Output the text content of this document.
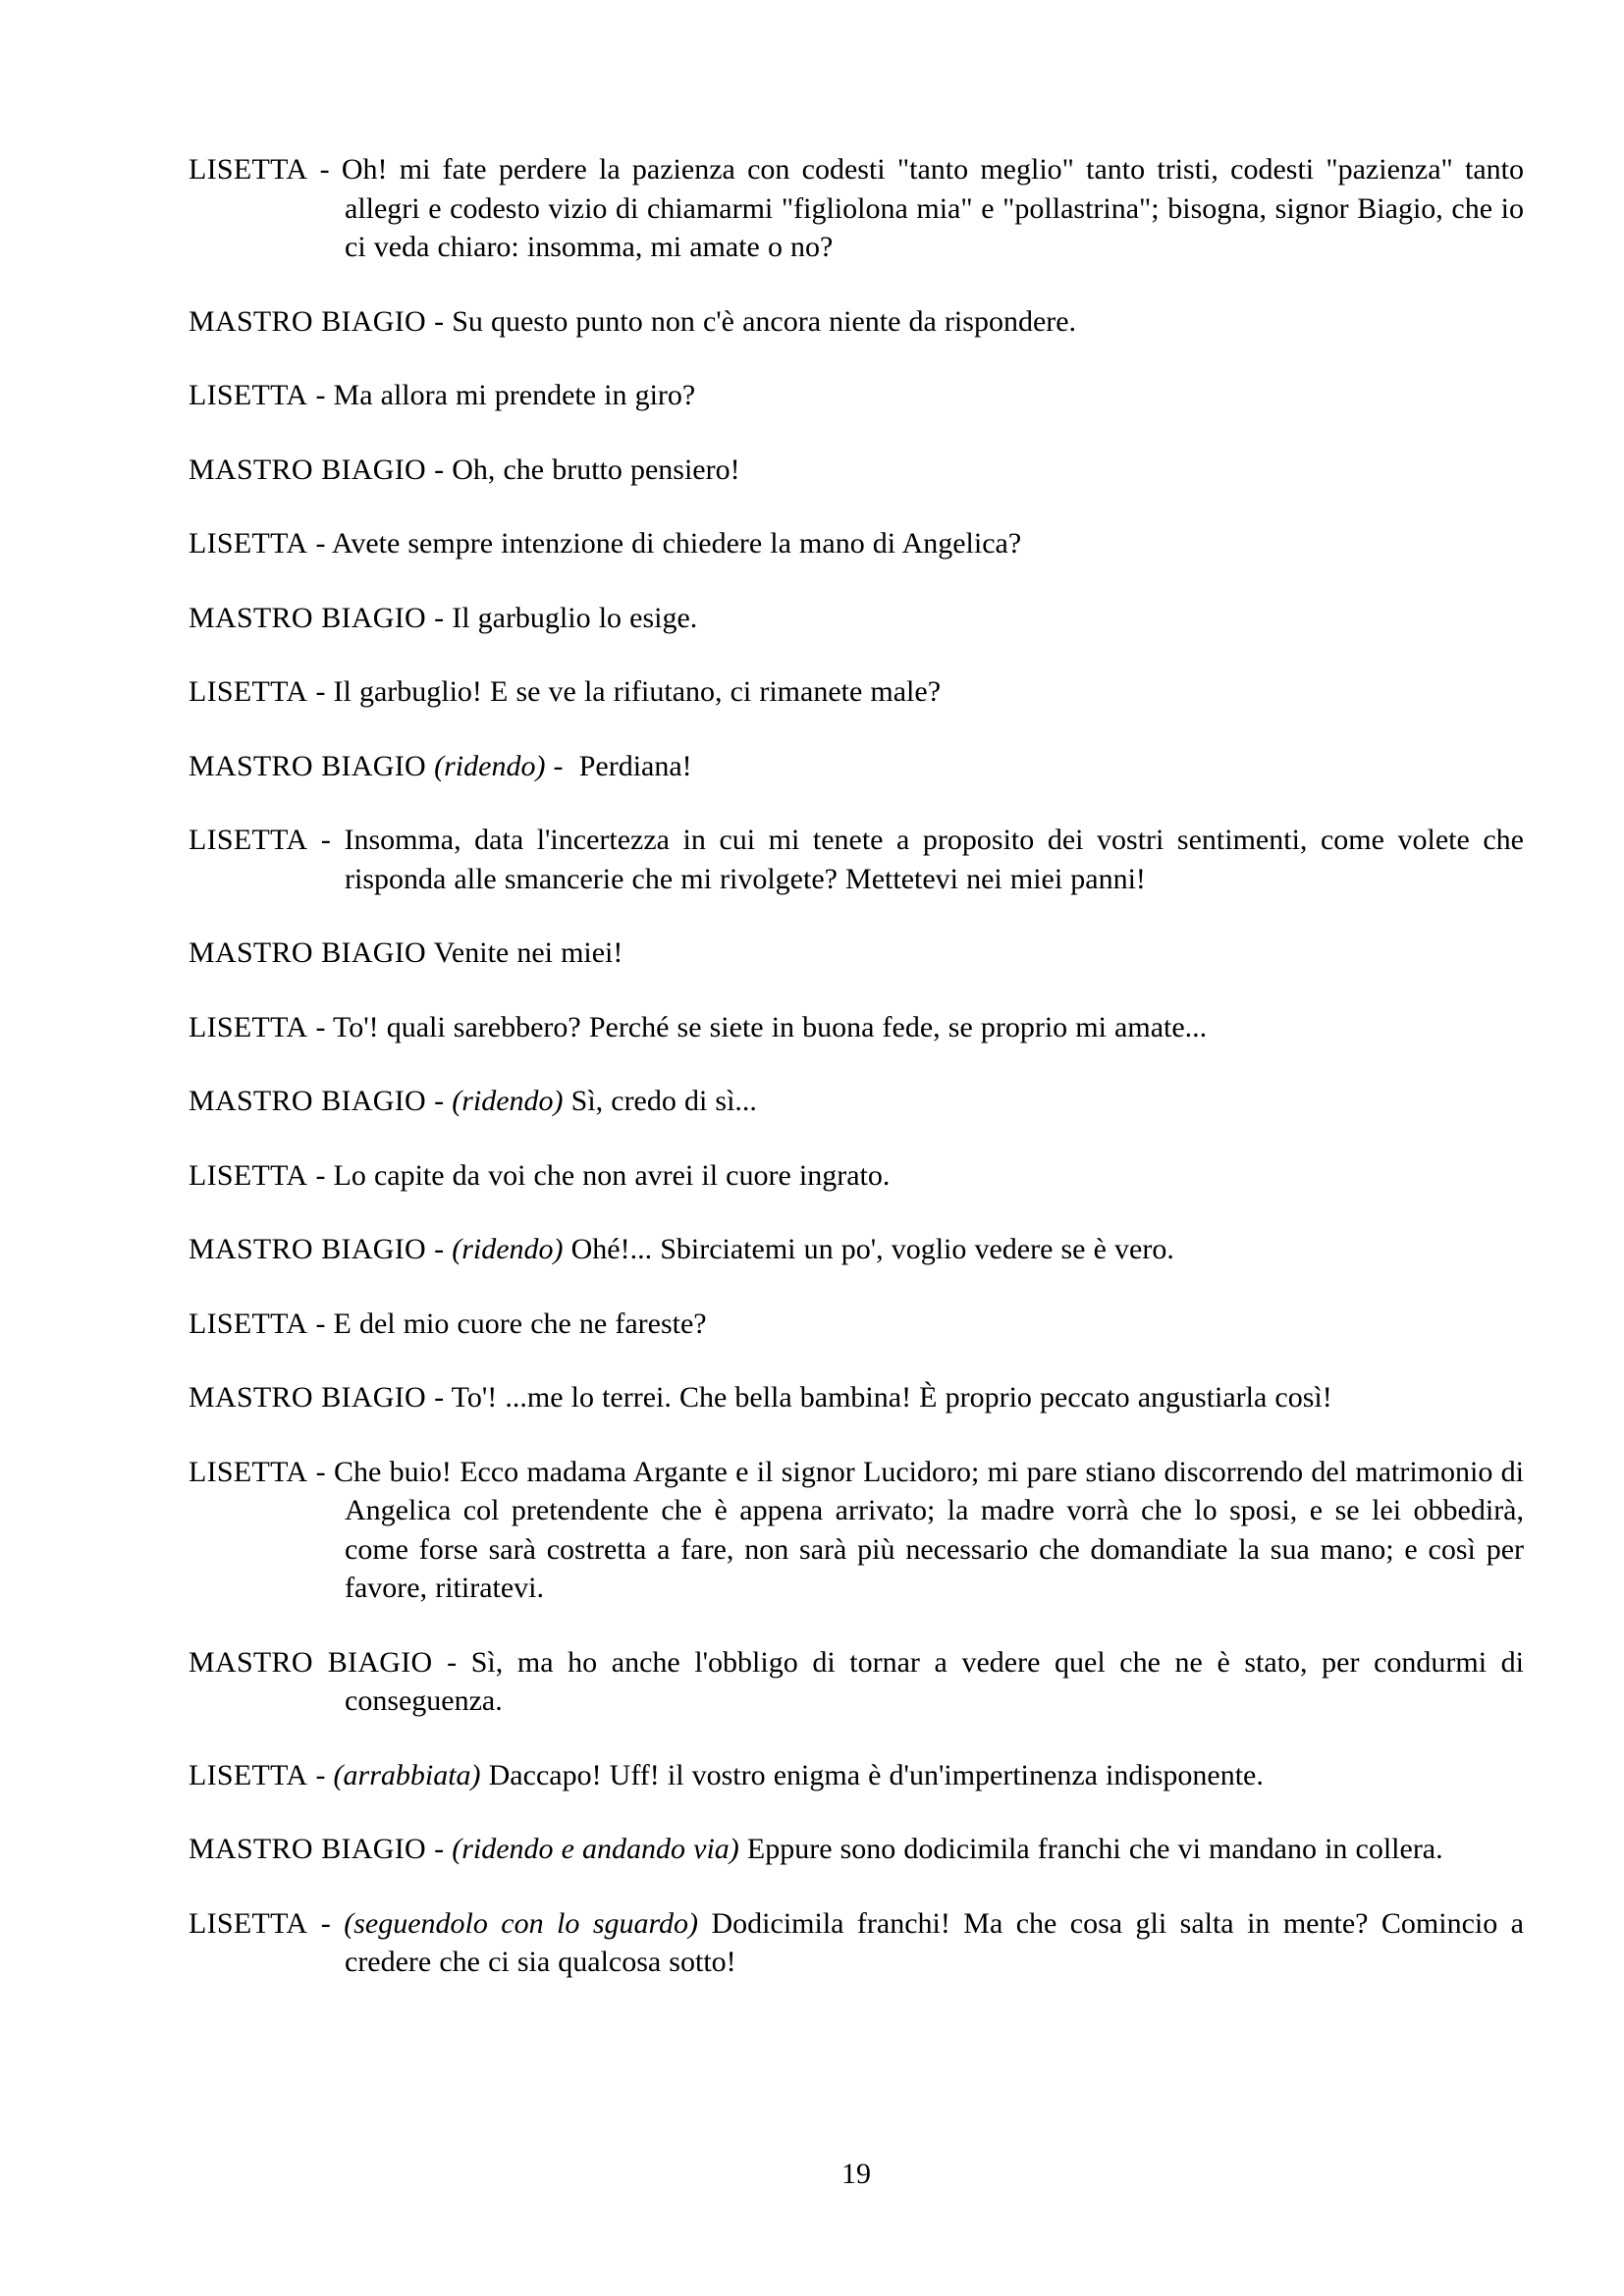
LISETTA - Oh! mi fate perdere la pazienza con codesti "tanto meglio" tanto tristi, codesti "pazienza" tanto allegri e codesto vizio di chiamarmi "figliolona mia" e "pollastrina"; bisogna, signor Biagio, che io ci veda chiaro: insomma, mi amate o no?

MASTRO BIAGIO - Su questo punto non c'è ancora niente da rispondere.

LISETTA - Ma allora mi prendete in giro?

MASTRO BIAGIO - Oh, che brutto pensiero!

LISETTA - Avete sempre intenzione di chiedere la mano di Angelica?

MASTRO BIAGIO - Il garbuglio lo esige.

LISETTA - Il garbuglio! E se ve la rifiutano, ci rimanete male?

MASTRO BIAGIO (ridendo) -  Perdiana!

LISETTA - Insomma, data l'incertezza in cui mi tenete a proposito dei vostri sentimenti, come volete che risponda alle smancerie che mi rivolgete? Mettetevi nei miei panni!

MASTRO BIAGIO Venite nei miei!

LISETTA - To'! quali sarebbero? Perché se siete in buona fede, se proprio mi amate...

MASTRO BIAGIO - (ridendo) Sì, credo di sì...

LISETTA - Lo capite da voi che non avrei il cuore ingrato.

MASTRO BIAGIO - (ridendo) Ohé!... Sbirciatemi un po', voglio vedere se è vero.

LISETTA - E del mio cuore che ne fareste?

MASTRO BIAGIO - To'! ...me lo terrei. Che bella bambina! È proprio peccato angustiarla così!

LISETTA - Che buio! Ecco madama Argante e il signor Lucidoro; mi pare stiano discorrendo del matrimonio di Angelica col pretendente che è appena arrivato; la madre vorrà che lo sposi, e se lei obbedirà, come forse sarà costretta a fare, non sarà più necessario che domandiate la sua mano; e così per favore, ritiratevi.

MASTRO BIAGIO - Sì, ma ho anche l'obbligo di tornar a vedere quel che ne è stato, per condurmi di conseguenza.

LISETTA - (arrabbiata) Daccapo! Uff! il vostro enigma è d'un'impertinenza indisponente.

MASTRO BIAGIO - (ridendo e andando via) Eppure sono dodicimila franchi che vi mandano in collera.

LISETTA - (seguendolo con lo sguardo) Dodicimila franchi! Ma che cosa gli salta in mente? Comincio a credere che ci sia qualcosa sotto!

19
